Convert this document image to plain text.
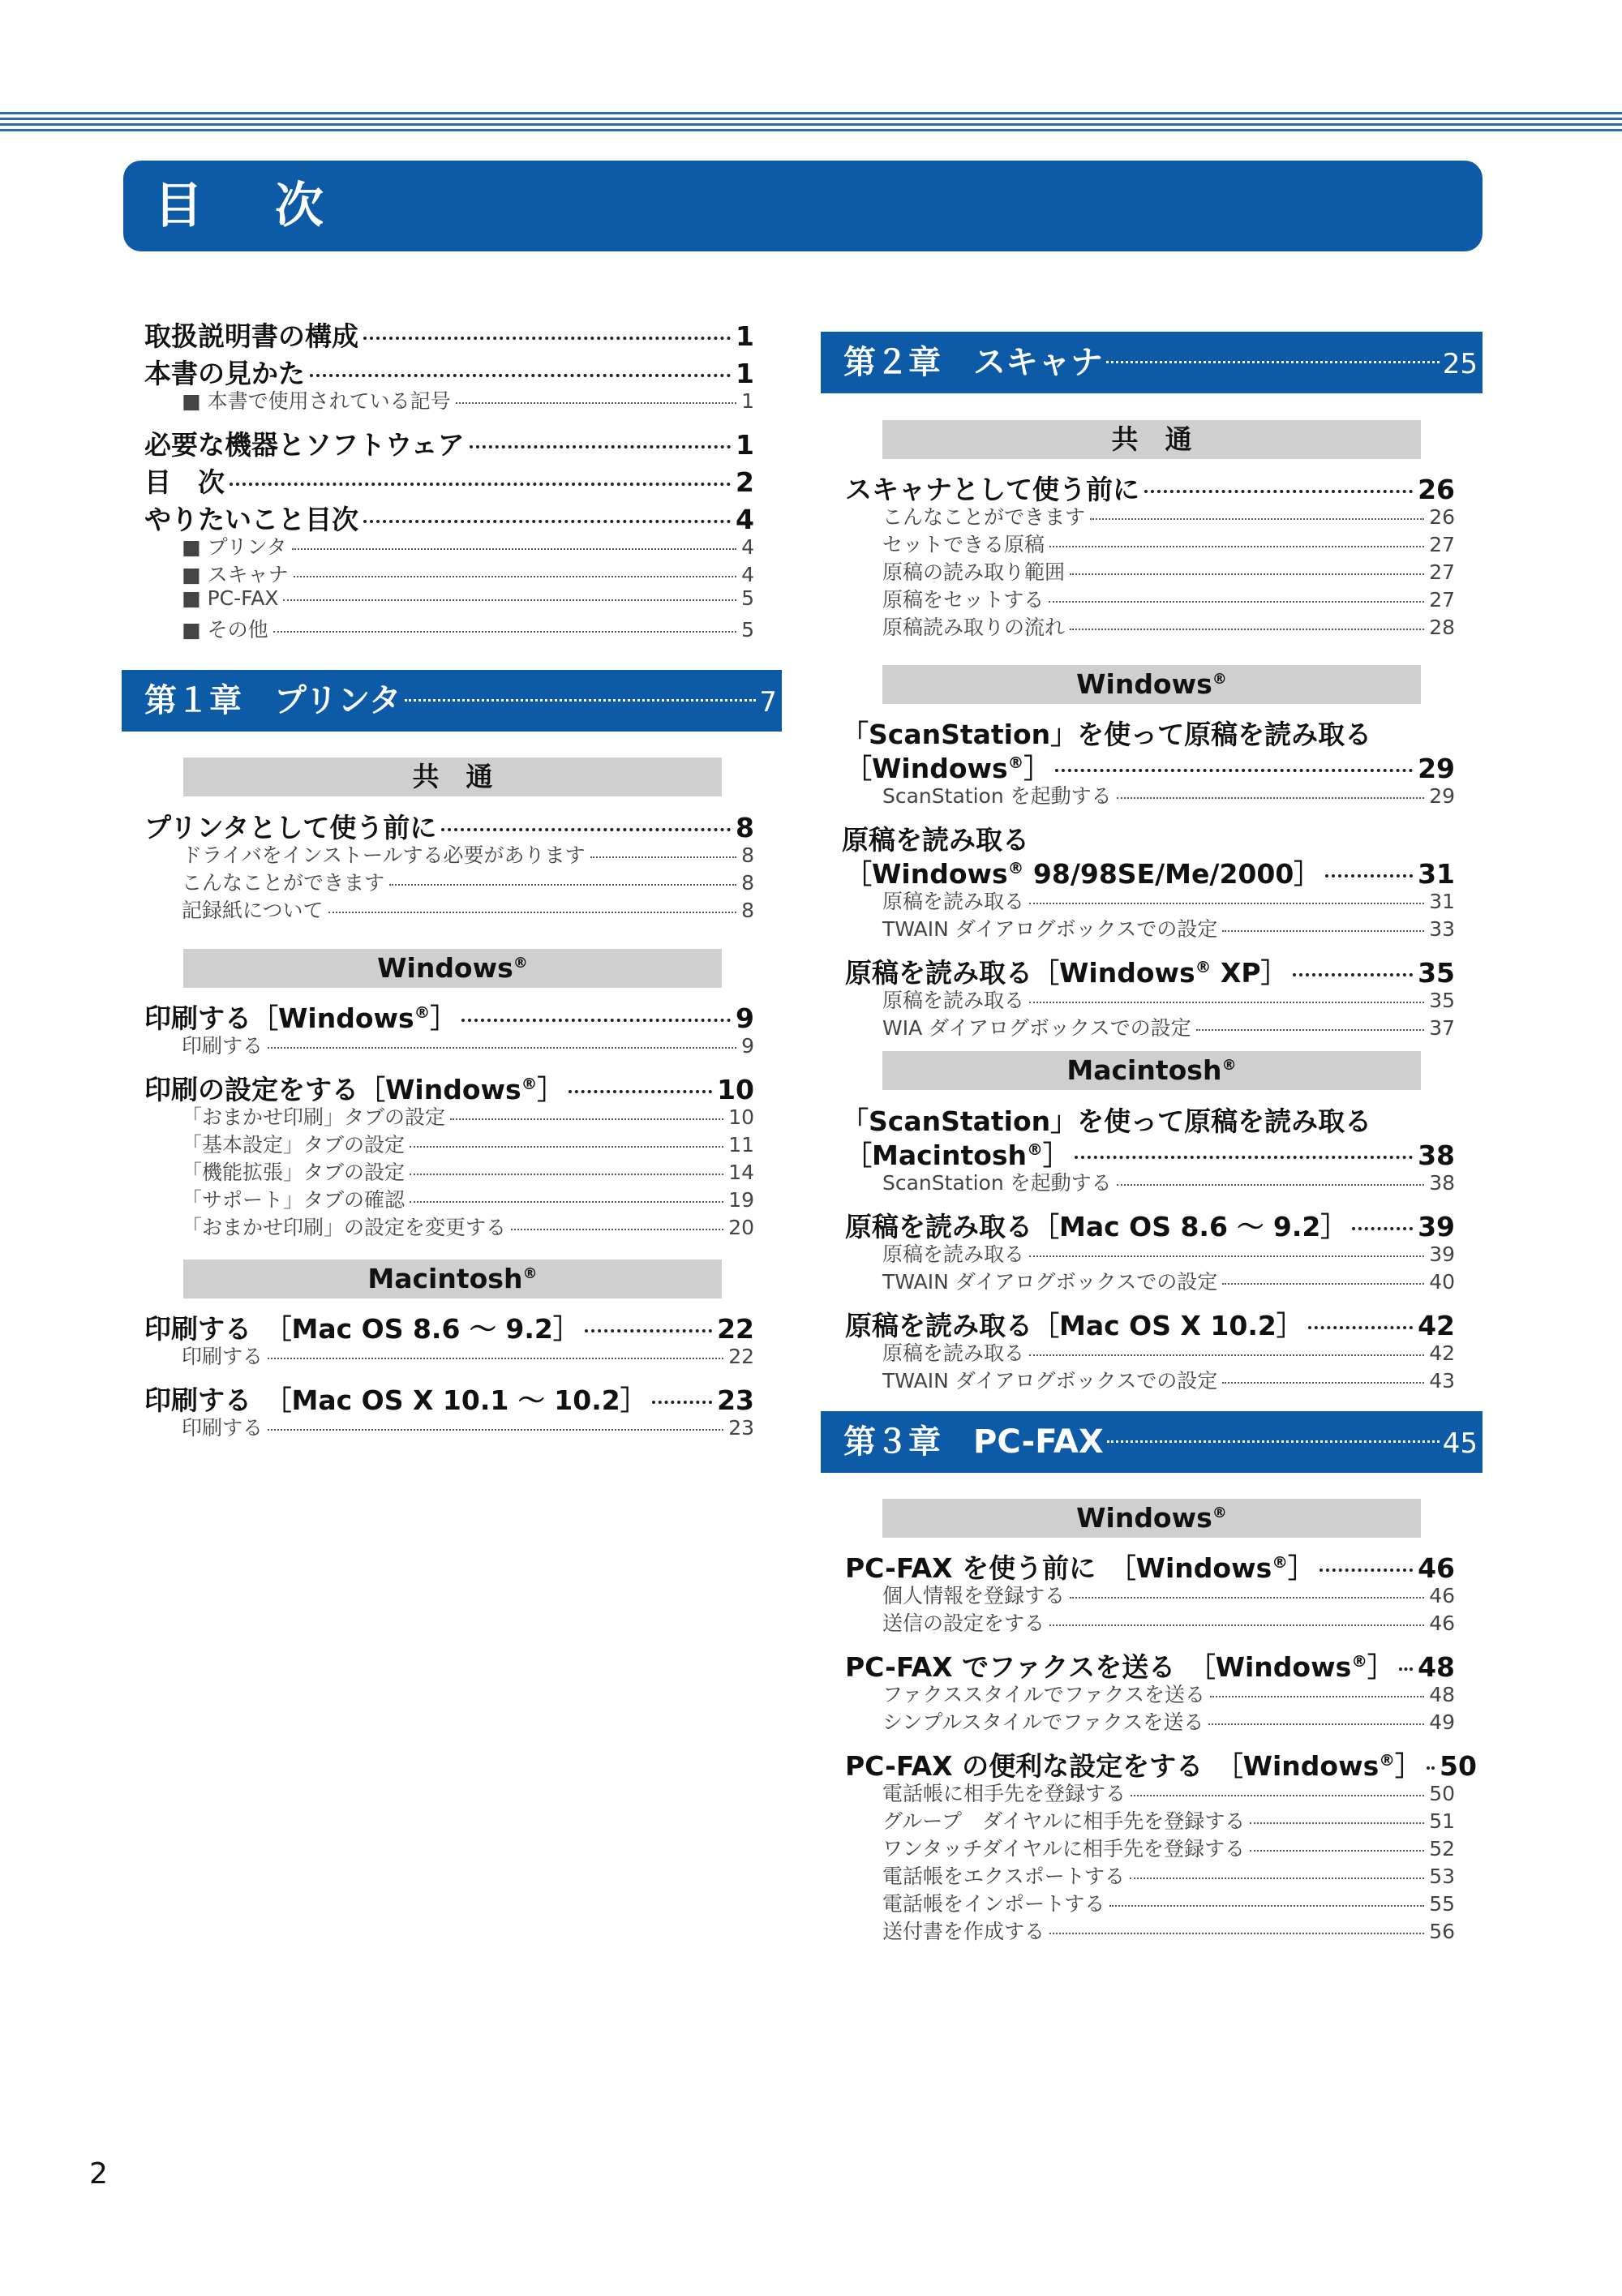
目 次
取扱説明書の構成	1
本書の見かた	1
■ 本書で使用されている記号	1
必要な機器とソフトウェア	1
目　次	2
やりたいこと目次	4
■ プリンタ	4
■ スキャナ	4
■ PC-FAX	5
■ その他	5
第１章　プリンタ	7
共　通
プリンタとして使う前に	8
ドライバをインストールする必要があります	8
こんなことができます	8
記録紙について	8
Windows®
印刷する［Windows®］	9
印刷する	9
印刷の設定をする［Windows®］	10
「おまかせ印刷」タブの設定	10
「基本設定」タブの設定	11
「機能拡張」タブの設定	14
「サポート」タブの確認	19
「おまかせ印刷」の設定を変更する	20
Macintosh®
印刷する　［Mac OS 8.6 ～ 9.2］	22
印刷する	22
印刷する　［Mac OS X 10.1 ～ 10.2］	23
印刷する	23
第２章　スキャナ	25
共　通
スキャナとして使う前に	26
こんなことができます	26
セットできる原稿	27
原稿の読み取り範囲	27
原稿をセットする	27
原稿読み取りの流れ	28
Windows®
「ScanStation」を使って原稿を読み取る
［Windows®］	29
ScanStation を起動する	29
原稿を読み取る
［Windows® 98/98SE/Me/2000］	31
原稿を読み取る	31
TWAIN ダイアログボックスでの設定	33
原稿を読み取る［Windows® XP］	35
原稿を読み取る	35
WIA ダイアログボックスでの設定	37
Macintosh®
「ScanStation」を使って原稿を読み取る
［Macintosh®］	38
ScanStation を起動する	38
原稿を読み取る［Mac OS 8.6 ～ 9.2］	39
原稿を読み取る	39
TWAIN ダイアログボックスでの設定	40
原稿を読み取る［Mac OS X 10.2］	42
原稿を読み取る	42
TWAIN ダイアログボックスでの設定	43
第３章　PC-FAX	45
Windows®
PC-FAX を使う前に　［Windows®］	46
個人情報を登録する	46
送信の設定をする	46
PC-FAX でファクスを送る　［Windows®］ 48
ファクススタイルでファクスを送る	48
シンプルスタイルでファクスを送る	49
PC-FAX の便利な設定をする　［Windows®］ 50
電話帳に相手先を登録する	50
グループ　ダイヤルに相手先を登録する	51
ワンタッチダイヤルに相手先を登録する	52
電話帳をエクスポートする	53
電話帳をインポートする	55
送付書を作成する	56
2
